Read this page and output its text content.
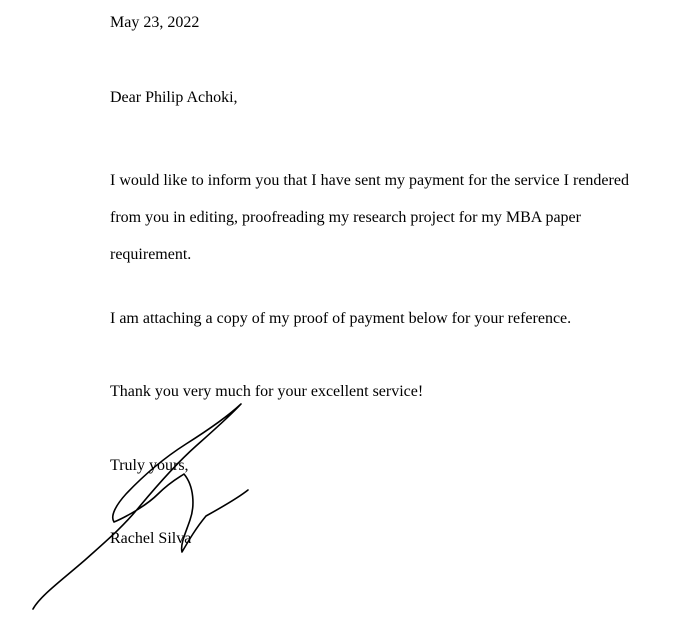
May 23, 2022
Dear Philip Achoki,
I would like to inform you that I have sent my payment for the service I rendered from you in editing, proofreading my research project for my MBA paper requirement.
I am attaching a copy of my proof of payment below for your reference.
Thank you very much for your excellent service!
Truly yours,
Rachel Silva
